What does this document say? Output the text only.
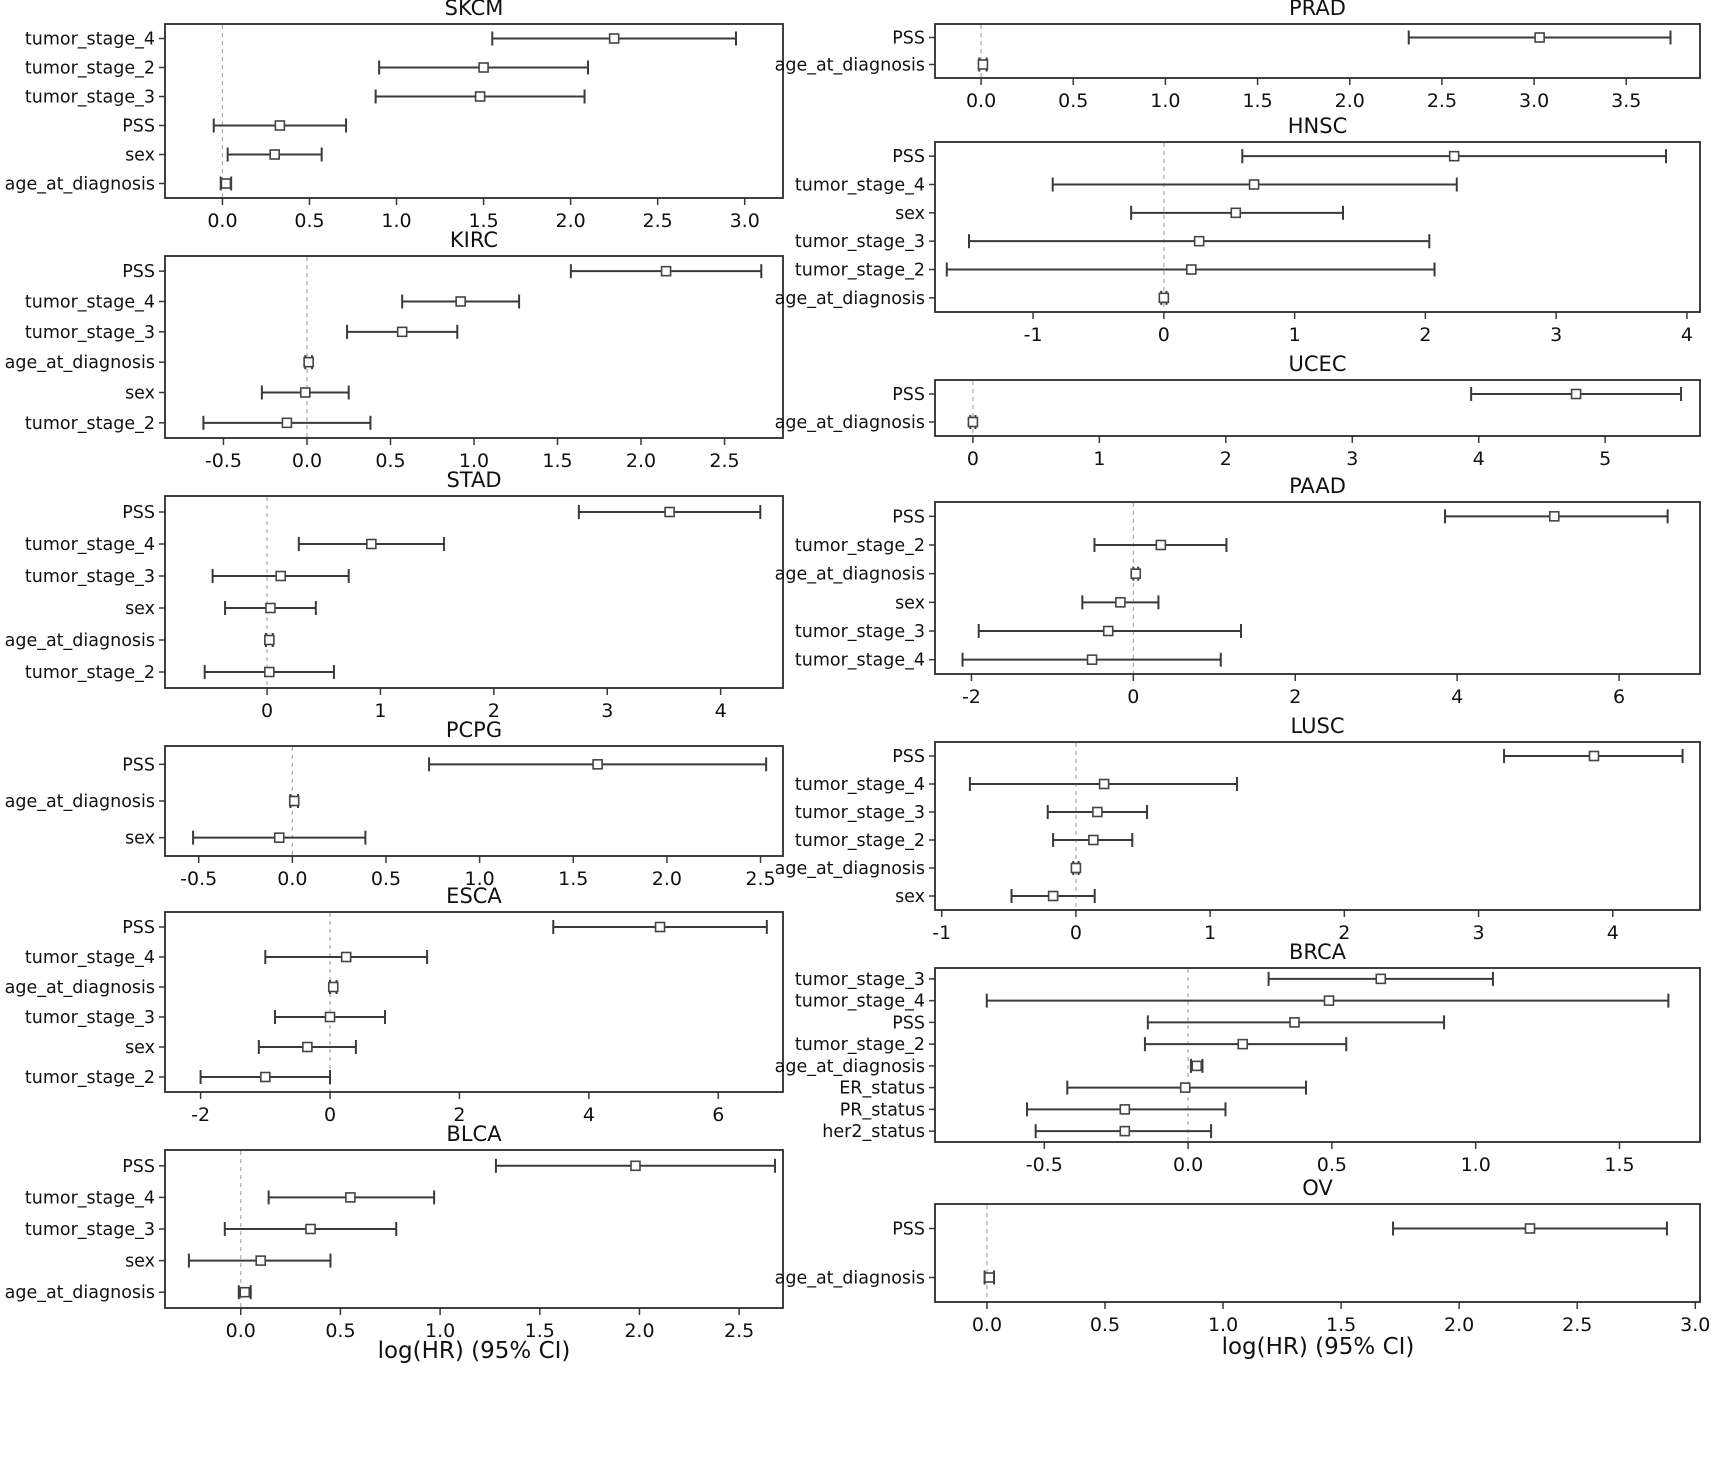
SKCM
tumor_stage_4
tumor_stage_2
tumor_stage_3
PSS
sex
age_at_diagnosis
0.0	0.5	1.0	1.5	2.0	2.5	3.0
KIRC
PSS
tumor_stage_4
tumor_stage_3
age_at_diagnosis
sex
tumor_stage_2
-0.5	0.0	0.5	1.0	1.5	2.0	2.5
STAD
PSS
tumor_stage_4
tumor_stage_3
sex
age_at_diagnosis
tumor_stage_2
0	1	2	3	4
PCPG
PSS
age_at_diagnosis
sex
-0.5	0.0	0.5	1.0	1.5	2.0	2.5
ESCA
PSS
tumor_stage_4
age_at_diagnosis
tumor_stage_3
sex
tumor_stage_2
-2	0	2	4	6
BLCA
PSS
tumor_stage_4
tumor_stage_3
sex
age_at_diagnosis
0.0	0.5	1.0	1.5	2.0	2.5
PRAD
PSS
age_at_diagnosis
0.0	0.5	1.0	1.5	2.0	2.5	3.0	3.5
HNSC
PSS
tumor_stage_4
sex
tumor_stage_3
tumor_stage_2
age_at_diagnosis
-1	0	1	2	3	4
UCEC
PSS
age_at_diagnosis
0	1	2	3	4	5
PAAD
PSS
tumor_stage_2
age_at_diagnosis
sex
tumor_stage_3
tumor_stage_4
-2	0	2	4	6
LUSC
PSS
tumor_stage_4
tumor_stage_3
tumor_stage_2
age_at_diagnosis
sex
-1	0	1	2	3	4
BRCA
tumor_stage_3
tumor_stage_4
PSS
tumor_stage_2
age_at_diagnosis
ER_status
PR_status
her2_status
-0.5	0.0	0.5	1.0	1.5
OV
PSS
age_at_diagnosis
0.0	0.5	1.0	1.5	2.0	2.5	3.0
log(HR) (95% CI)	log(HR) (95% CI)
